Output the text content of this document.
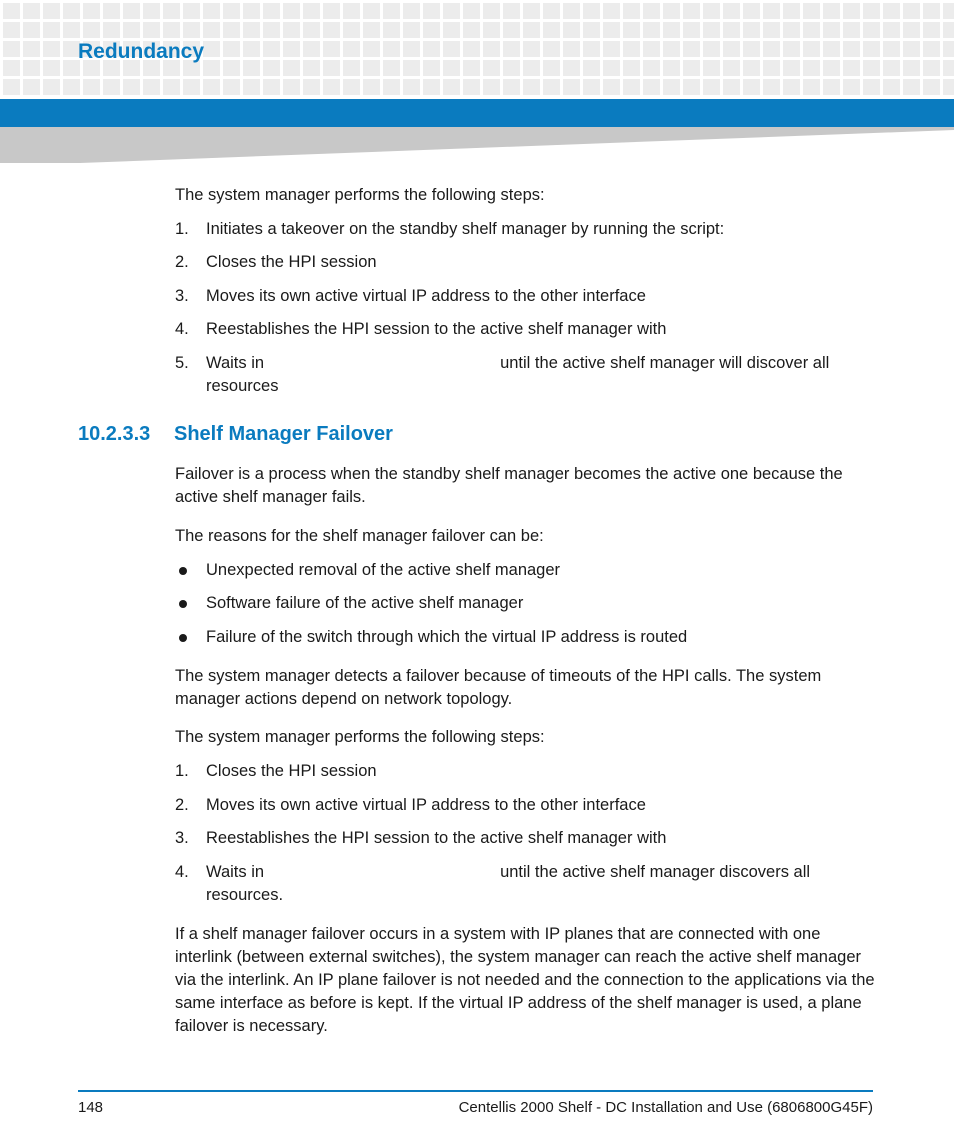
Redundancy

The system manager performs the following steps:

1. Initiates a takeover on the standby shelf manager by running the script:
2. Closes the HPI session
3. Moves its own active virtual IP address to the other interface
4. Reestablishes the HPI session to the active shelf manager with
5. Waits in	until the active shelf manager will discover all
resources
10.2.3.3 Shelf Manager Failover

Failover is a process when the standby shelf manager becomes the active one because the active shelf manager fails.

The reasons for the shelf manager failover can be:

Unexpected removal of the active shelf manager
Software failure of the active shelf manager
Failure of the switch through which the virtual IP address is routed

The system manager detects a failover because of timeouts of the HPI calls. The system manager actions depend on network topology.

The system manager performs the following steps:

1. Closes the HPI session
2. Moves its own active virtual IP address to the other interface
3. Reestablishes the HPI session to the active shelf manager with
4. Waits in	until the active shelf manager discovers all
resources.

If a shelf manager failover occurs in a system with IP planes that are connected with one interlink (between external switches), the system manager can reach the active shelf manager via the interlink. An IP plane failover is not needed and the connection to the applications via the same interface as before is kept. If the virtual IP address of the shelf manager is used, a plane failover is necessary.

148	Centellis 2000 Shelf - DC Installation and Use (6806800G45F)
